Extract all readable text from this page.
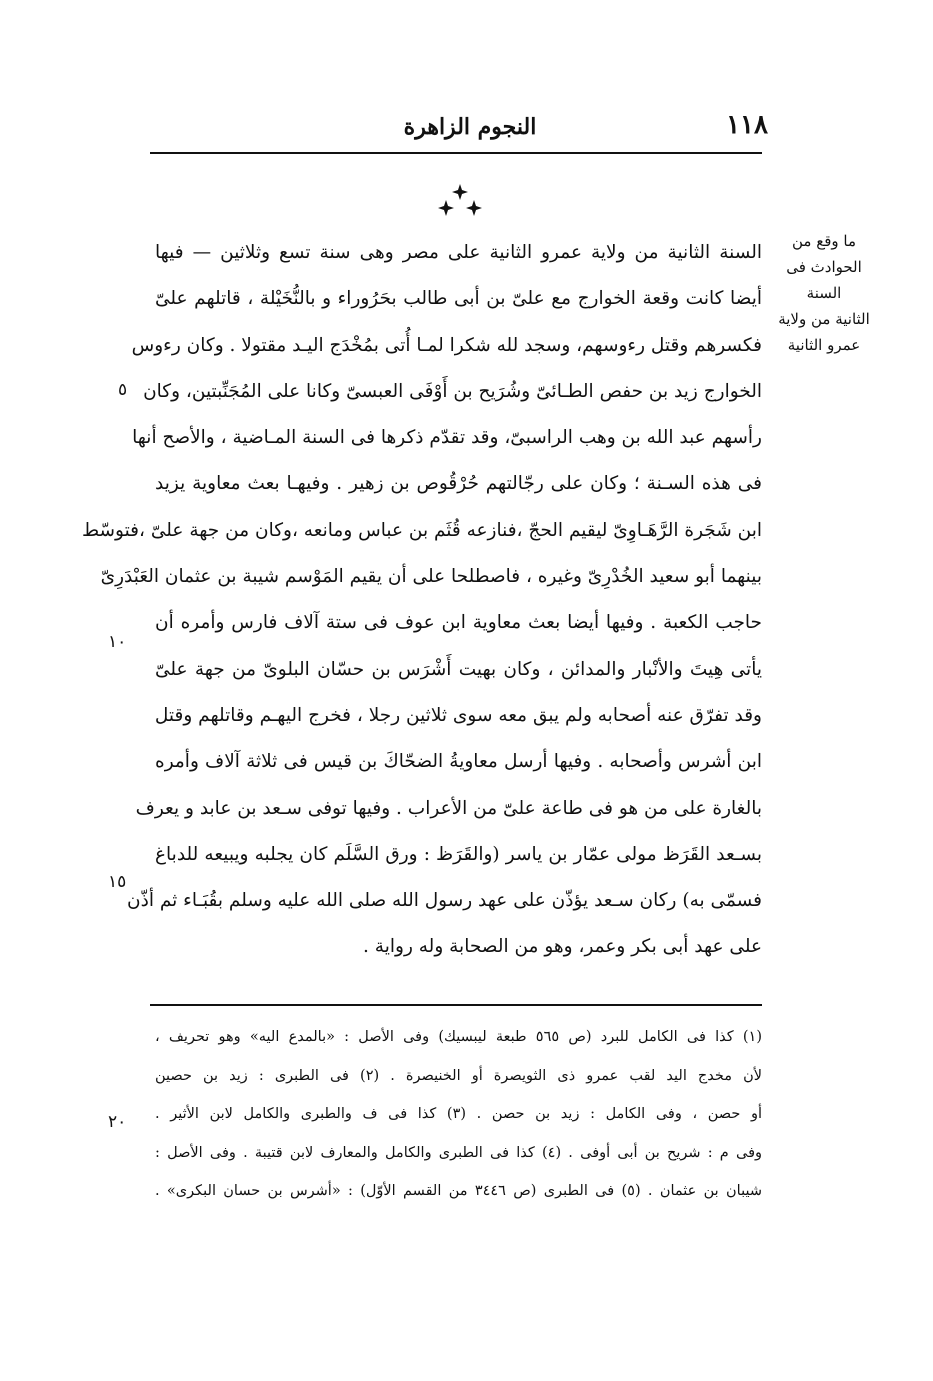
١١٨
النجوم الزاهرة
ما وقع من
الحوادث فى السنة
الثانية من ولاية
عمرو الثانية
٥
١٠
١٥
٢٠
السنة الثانية من ولاية عمرو الثانية على مصر وهى سنة تسع وثلاثين — فيها
أيضا كانت وقعة الخوارج مع علىّ بن أبى طالب بحَرُوراء و بالنُّخَيْلة ، قاتلهم علىّ
فكسرهم وقتل رءوسهم، وسجد لله شكرا لمـا أُتى بمُخْدَج اليـد مقتولا . وكان رءوس
الخوارج زيد بن حفص الطـائىّ وشُرَيح بن أَوْفَى العبسىّ وكانا على المُجَنِّبتين، وكان
رأسهم عبد الله بن وهب الراسبىّ، وقد تقدّم ذكرها فى السنة المـاضية ، والأصح أنها
فى هذه السـنة ؛ وكان على رجّالتهم حُرْقُوص بن زهير . وفيهـا بعث معاوية يزيد
ابن شَجَرة الرَّهَـاوِىّ ليقيم الحجّ ،فنازعه قُثَم بن عباس ومانعه ،وكان من جهة علىّ ،فتوسّط
بينهما أبو سعيد الخُدْرِىّ وغيره ، فاصطلحا على أن يقيم المَوْسم شيبة بن عثمان العَبْدَرِىّ
حاجب الكعبة . وفيها أيضا بعث معاوية ابن عوف فى ستة آلاف فارس وأمره أن
يأتى هِيتَ والأنْبار والمدائن ، وكان بهيت أَشْرَس بن حسّان البلوىّ من جهة علىّ
وقد تفرّق عنه أصحابه ولم يبق معه سوى ثلاثين رجلا ، فخرج اليهـم وقاتلهم وقتل
ابن أشرس وأصحابه . وفيها أرسل معاويةُ الضحّاكَ بن قيس فى ثلاثة آلاف وأمره
بالغارة على من هو فى طاعة علىّ من الأعراب . وفيها توفى سـعد بن عابد و يعرف
بسـعد القَرَظ مولى عمّار بن ياسر (والقَرَظ : ورق السَّلَم كان يجلبه ويبيعه للدباغ
فسمّى به) ركان سـعد يؤذّن على عهد رسول الله صلى الله عليه وسلم بقُبَـاء ثم أذّن
على عهد أبى بكر وعمر، وهو من الصحابة وله رواية .
(١) كذا فى الكامل للبرد (ص ٥٦٥ طبعة ليبسيك) وفى الأصل : «بالمدع اليه» وهو تحريف ،
لأن مخدج اليد لقب عمرو ذى الثويصرة أو الخنيصرة . (٢) فى الطبرى : زيد بن حصين
أو حصن ، وفى الكامل : زيد بن حصن . (٣) كذا فى ف والطبرى والكامل لابن الأثير .
وفى م : شريح بن أبى أوفى . (٤) كذا فى الطبرى والكامل والمعارف لابن قتيبة . وفى الأصل :
شيبان بن عثمان . (٥) فى الطبرى (ص ٣٤٤٦ من القسم الأوّل) : «أشرس بن حسان البكرى» .
